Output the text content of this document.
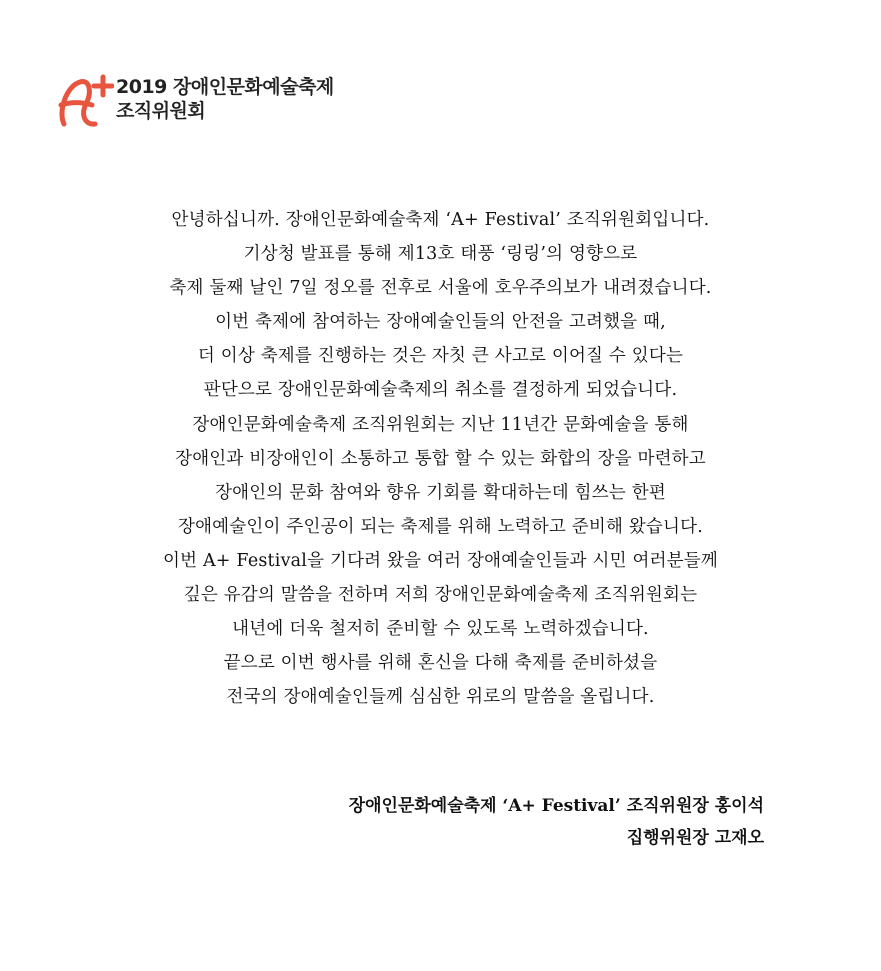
2019 장애인문화예술축제
조직위원회

안녕하십니까. 장애인문화예술축제 ‘A+ Festival’ 조직위원회입니다.

기상청 발표를 통해 제13호 태풍 ‘링링’의 영향으로

축제 둘째 날인 7일 정오를 전후로 서울에 호우주의보가 내려졌습니다.

이번 축제에 참여하는 장애예술인들의 안전을 고려했을 때,

더 이상 축제를 진행하는 것은 자칫 큰 사고로 이어질 수 있다는

판단으로 장애인문화예술축제의 취소를 결정하게 되었습니다.

장애인문화예술축제 조직위원회는 지난 11년간 문화예술을 통해

장애인과 비장애인이 소통하고 통합 할 수 있는 화합의 장을 마련하고

장애인의 문화 참여와 향유 기회를 확대하는데 힘쓰는 한편

장애예술인이 주인공이 되는 축제를 위해 노력하고 준비해 왔습니다.

이번 A+ Festival을 기다려 왔을 여러 장애예술인들과 시민 여러분들께

깊은 유감의 말씀을 전하며 저희 장애인문화예술축제 조직위원회는

내년에 더욱 철저히 준비할 수 있도록 노력하겠습니다.

끝으로 이번 행사를 위해 혼신을 다해 축제를 준비하셨을

전국의 장애예술인들께 심심한 위로의 말씀을 올립니다.

장애인문화예술축제 ‘A+ Festival’ 조직위원장 홍이석

집행위원장 고재오
